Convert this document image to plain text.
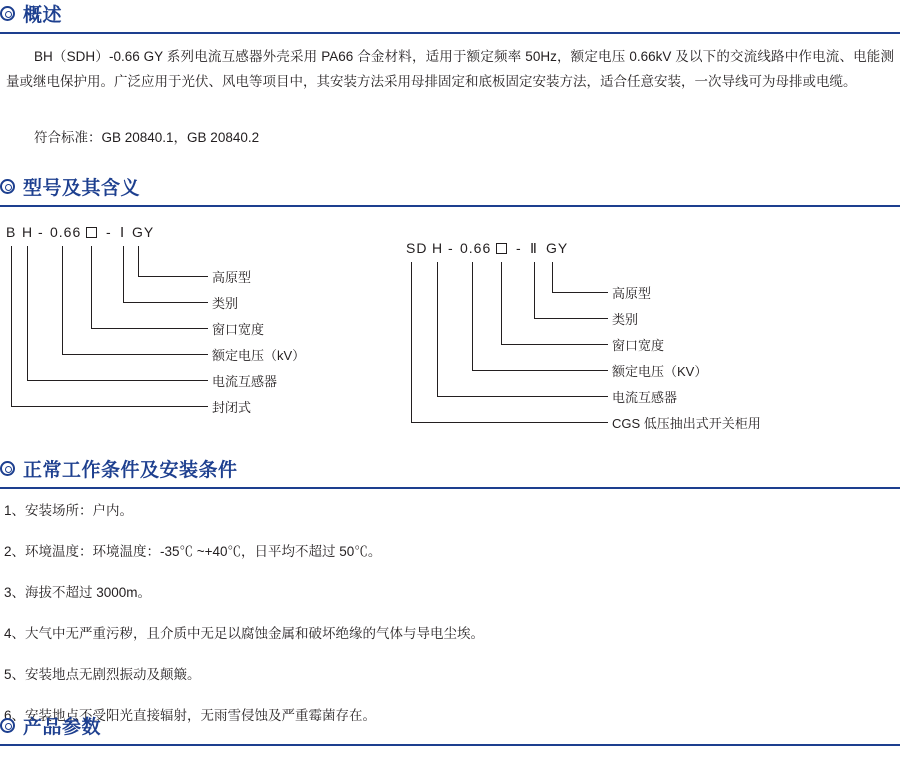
概述
BH（SDH）-0.66 GY 系列电流互感器外壳采用 PA66 合金材料，适用于额定频率 50Hz，额定电压 0.66kV 及以下的交流线路中作电流、电能测量或继电保护用。广泛应用于光伏、风电等项目中，其安装方法采用母排固定和底板固定安装方法，适合任意安装，一次导线可为母排或电缆。
符合标准：GB 20840.1，GB 20840.2
型号及其含义
B H - 0.66 - Ⅰ GY
高原型
类别
窗口宽度
额定电压（kV）
电流互感器
封闭式
SD H - 0.66 - Ⅱ GY
高原型
类别
窗口宽度
额定电压（KV）
电流互感器
CGS 低压抽出式开关柜用
正常工作条件及安装条件
1、安装场所：户内。
2、环境温度：环境温度：-35℃ ~+40℃，日平均不超过 50℃。
3、海拔不超过 3000m。
4、大气中无严重污秽，且介质中无足以腐蚀金属和破坏绝缘的气体与导电尘埃。
5、安装地点无剧烈振动及颠簸。
6、安装地点不受阳光直接辐射，无雨雪侵蚀及严重霉菌存在。
产品参数
